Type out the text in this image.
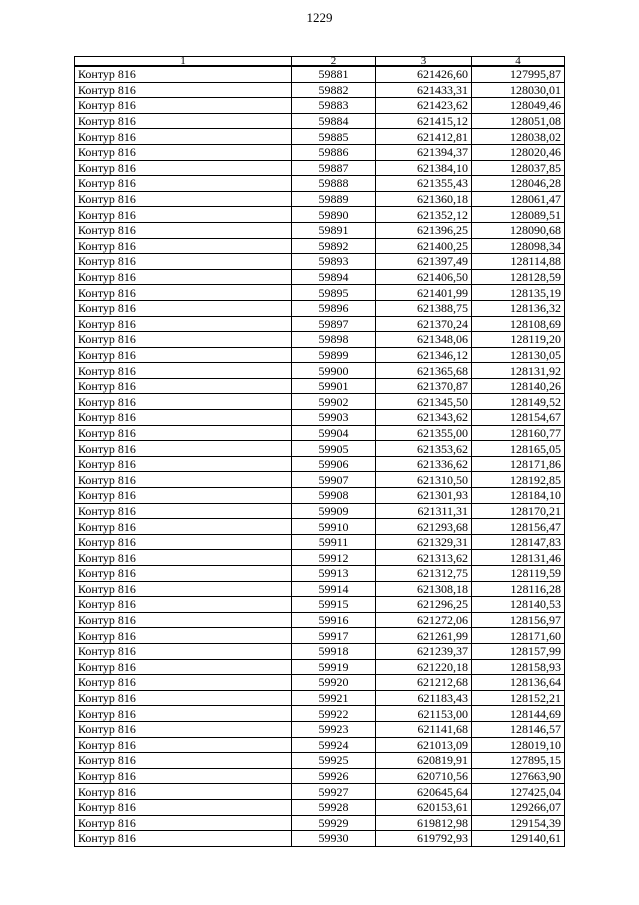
1229
1	2	3	4
Контур 816	59881	621426,60	127995,87
Контур 816	59882	621433,31	128030,01
Контур 816	59883	621423,62	128049,46
Контур 816	59884	621415,12	128051,08
Контур 816	59885	621412,81	128038,02
Контур 816	59886	621394,37	128020,46
Контур 816	59887	621384,10	128037,85
Контур 816	59888	621355,43	128046,28
Контур 816	59889	621360,18	128061,47
Контур 816	59890	621352,12	128089,51
Контур 816	59891	621396,25	128090,68
Контур 816	59892	621400,25	128098,34
Контур 816	59893	621397,49	128114,88
Контур 816	59894	621406,50	128128,59
Контур 816	59895	621401,99	128135,19
Контур 816	59896	621388,75	128136,32
Контур 816	59897	621370,24	128108,69
Контур 816	59898	621348,06	128119,20
Контур 816	59899	621346,12	128130,05
Контур 816	59900	621365,68	128131,92
Контур 816	59901	621370,87	128140,26
Контур 816	59902	621345,50	128149,52
Контур 816	59903	621343,62	128154,67
Контур 816	59904	621355,00	128160,77
Контур 816	59905	621353,62	128165,05
Контур 816	59906	621336,62	128171,86
Контур 816	59907	621310,50	128192,85
Контур 816	59908	621301,93	128184,10
Контур 816	59909	621311,31	128170,21
Контур 816	59910	621293,68	128156,47
Контур 816	59911	621329,31	128147,83
Контур 816	59912	621313,62	128131,46
Контур 816	59913	621312,75	128119,59
Контур 816	59914	621308,18	128116,28
Контур 816	59915	621296,25	128140,53
Контур 816	59916	621272,06	128156,97
Контур 816	59917	621261,99	128171,60
Контур 816	59918	621239,37	128157,99
Контур 816	59919	621220,18	128158,93
Контур 816	59920	621212,68	128136,64
Контур 816	59921	621183,43	128152,21
Контур 816	59922	621153,00	128144,69
Контур 816	59923	621141,68	128146,57
Контур 816	59924	621013,09	128019,10
Контур 816	59925	620819,91	127895,15
Контур 816	59926	620710,56	127663,90
Контур 816	59927	620645,64	127425,04
Контур 816	59928	620153,61	129266,07
Контур 816	59929	619812,98	129154,39
Контур 816	59930	619792,93	129140,61
